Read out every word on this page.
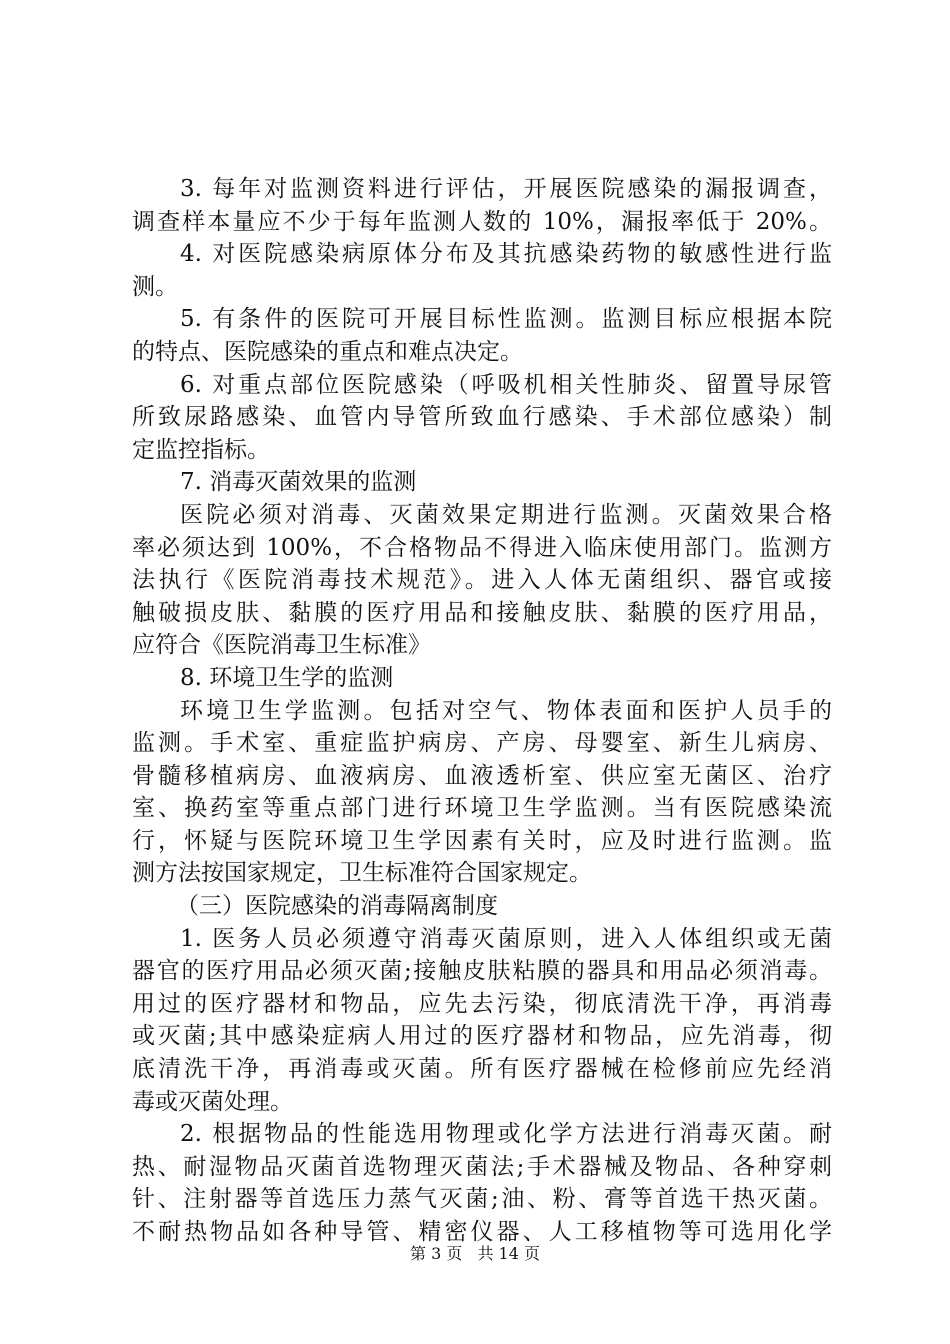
3. 每年对监测资料进行评估，开展医院感染的漏报调查，
调查样本量应不少于每年监测人数的 10%，漏报率低于 20%。
4. 对医院感染病原体分布及其抗感染药物的敏感性进行监
测。
5. 有条件的医院可开展目标性监测。监测目标应根据本院
的特点、医院感染的重点和难点决定。
6. 对重点部位医院感染（呼吸机相关性肺炎、留置导尿管
所致尿路感染、血管内导管所致血行感染、手术部位感染）制
定监控指标。
7. 消毒灭菌效果的监测
医院必须对消毒、灭菌效果定期进行监测。灭菌效果合格
率必须达到 100%，不合格物品不得进入临床使用部门。监测方
法执行《医院消毒技术规范》。进入人体无菌组织、器官或接
触破损皮肤、黏膜的医疗用品和接触皮肤、黏膜的医疗用品，
应符合《医院消毒卫生标准》
8. 环境卫生学的监测
环境卫生学监测。包括对空气、物体表面和医护人员手的
监测。手术室、重症监护病房、产房、母婴室、新生儿病房、
骨髓移植病房、血液病房、血液透析室、供应室无菌区、治疗
室、换药室等重点部门进行环境卫生学监测。当有医院感染流
行，怀疑与医院环境卫生学因素有关时，应及时进行监测。监
测方法按国家规定，卫生标准符合国家规定。
（三）医院感染的消毒隔离制度
1. 医务人员必须遵守消毒灭菌原则，进入人体组织或无菌
器官的医疗用品必须灭菌;接触皮肤粘膜的器具和用品必须消毒。
用过的医疗器材和物品，应先去污染，彻底清洗干净，再消毒
或灭菌;其中感染症病人用过的医疗器材和物品，应先消毒，彻
底清洗干净，再消毒或灭菌。所有医疗器械在检修前应先经消
毒或灭菌处理。
2. 根据物品的性能选用物理或化学方法进行消毒灭菌。耐
热、耐湿物品灭菌首选物理灭菌法;手术器械及物品、各种穿刺
针、注射器等首选压力蒸气灭菌;油、粉、膏等首选干热灭菌。
不耐热物品如各种导管、精密仪器、人工移植物等可选用化学
第 3 页 共 14 页
